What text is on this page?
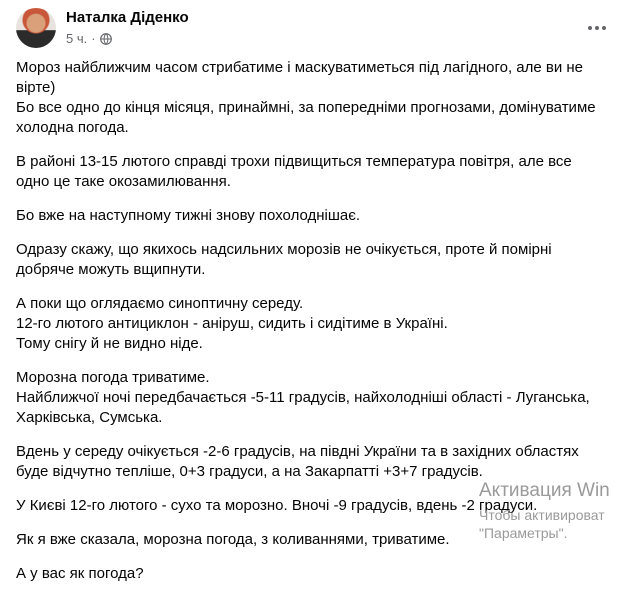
Наталка Діденко
5 ч. ·

Мороз найближчим часом стрибатиме і маскуватиметься під лагідного, але ви не вірте)
Бо все одно до кінця місяця, принаймні, за попередніми прогнозами, домінуватиме холодна погода.

В районі 13-15 лютого справді трохи підвищиться температура повітря, але все одно це таке окозамилювання.

Бо вже на наступному тижні знову похолоднішає.

Одразу скажу, що якихось надсильних морозів не очікується, проте й помірні добряче можуть вщипнути.

А поки що оглядаємо синоптичну середу.
12-го лютого антициклон - аніруш, сидить і сидітиме в Україні.
Тому снігу й не видно ніде.

Морозна погода триватиме.
Найближчої ночі передбачається -5-11 градусів, найхолодніші області - Луганська, Харківська, Сумська.

Вдень у середу очікується -2-6 градусів, на півдні України та в західних областях буде відчутно тепліше, 0+3 градуси, а на Закарпатті +3+7 градусів.

У Києві 12-го лютого - сухо та морозно. Вночі -9 градусів, вдень -2 градуси.

Як я вже сказала, морозна погода, з коливаннями, триватиме.

А у вас як погода?

Активация Win
Чтобы активироват
"Параметры".
